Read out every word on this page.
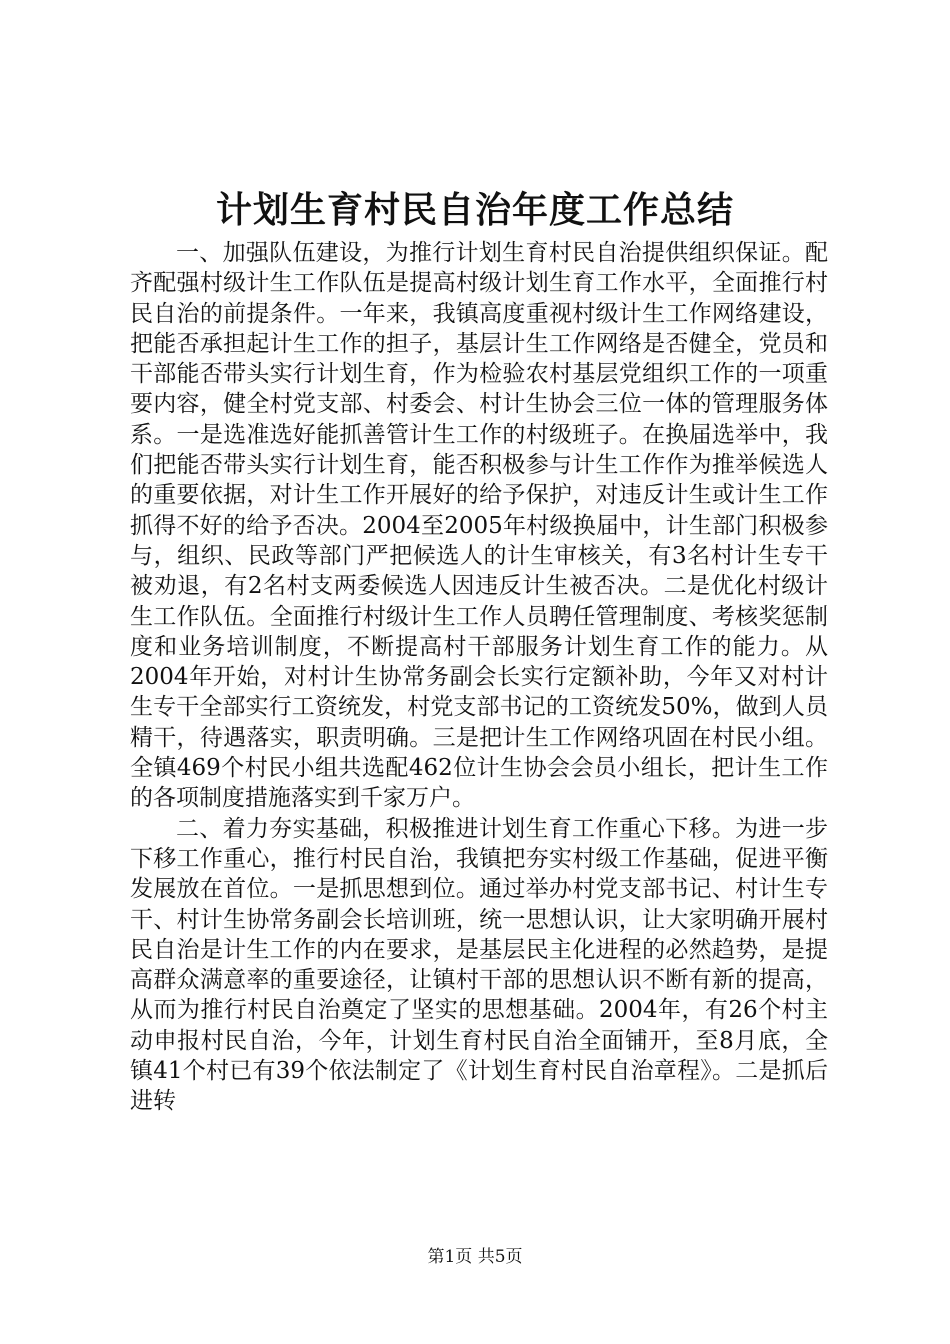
计划生育村民自治年度工作总结

一、加强队伍建设，为推行计划生育村民自治提供组织保证。配齐配强村级计生工作队伍是提高村级计划生育工作水平，全面推行村民自治的前提条件。一年来，我镇高度重视村级计生工作网络建设，把能否承担起计生工作的担子，基层计生工作网络是否健全，党员和干部能否带头实行计划生育，作为检验农村基层党组织工作的一项重要内容，健全村党支部、村委会、村计生协会三位一体的管理服务体系。一是选准选好能抓善管计生工作的村级班子。在换届选举中，我们把能否带头实行计划生育，能否积极参与计生工作作为推举候选人的重要依据，对计生工作开展好的给予保护，对违反计生或计生工作抓得不好的给予否决。2004至2005年村级换届中，计生部门积极参与，组织、民政等部门严把候选人的计生审核关，有3名村计生专干被劝退，有2名村支两委候选人因违反计生被否决。二是优化村级计生工作队伍。全面推行村级计生工作人员聘任管理制度、考核奖惩制度和业务培训制度，不断提高村干部服务计划生育工作的能力。从2004年开始，对村计生协常务副会长实行定额补助，今年又对村计生专干全部实行工资统发，村党支部书记的工资统发50%，做到人员精干，待遇落实，职责明确。三是把计生工作网络巩固在村民小组。全镇469个村民小组共选配462位计生协会会员小组长，把计生工作的各项制度措施落实到千家万户。

二、着力夯实基础，积极推进计划生育工作重心下移。为进一步下移工作重心，推行村民自治，我镇把夯实村级工作基础，促进平衡发展放在首位。一是抓思想到位。通过举办村党支部书记、村计生专干、村计生协常务副会长培训班，统一思想认识，让大家明确开展村民自治是计生工作的内在要求，是基层民主化进程的必然趋势，是提高群众满意率的重要途径，让镇村干部的思想认识不断有新的提高，从而为推行村民自治奠定了坚实的思想基础。2004年，有26个村主动申报村民自治，今年，计划生育村民自治全面铺开，至8月底，全镇41个村已有39个依法制定了《计划生育村民自治章程》。二是抓后进转

第1页 共5页
